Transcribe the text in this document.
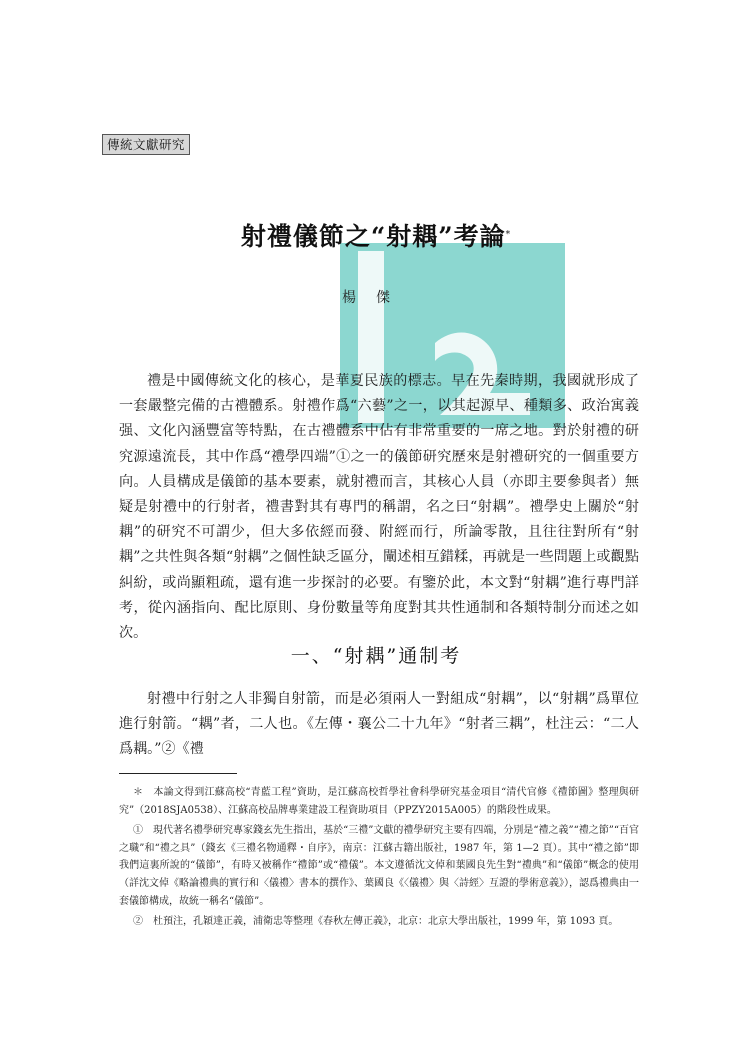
傳統文獻研究
射禮儀節之“射耦”考論*
楊傑

禮是中國傳統文化的核心，是華夏民族的標志。早在先秦時期，我國就形成了一套嚴整完備的古禮體系。射禮作爲“六藝”之一，以其起源早、種類多、政治寓義强、文化內涵豐富等特點，在古禮體系中佔有非常重要的一席之地。對於射禮的研究源遠流長，其中作爲“禮學四端”①之一的儀節研究歷來是射禮研究的一個重要方向。人員構成是儀節的基本要素，就射禮而言，其核心人員（亦即主要參與者）無疑是射禮中的行射者，禮書對其有專門的稱謂，名之曰“射耦”。禮學史上關於“射耦”的研究不可謂少，但大多依經而發、附經而行，所論零散，且往往對所有“射耦”之共性與各類“射耦”之個性缺乏區分，闡述相互錯糅，再就是一些問題上或觀點糾紛，或尚顯粗疏，還有進一步探討的必要。有鑒於此，本文對“射耦”進行專門詳考，從內涵指向、配比原則、身份數量等角度對其共性通制和各類特制分而述之如次。

一、“射耦”通制考

射禮中行射之人非獨自射箭，而是必須兩人一對組成“射耦”，以“射耦”爲單位進行射箭。“耦”者，二人也。《左傳・襄公二十九年》“射者三耦”，杜注云：“二人爲耦。”②《禮

＊　本論文得到江蘇高校“青藍工程”資助，是江蘇高校哲學社會科學研究基金項目“清代官修《禮節圖》整理與研究”（2018SJA0538）、江蘇高校品牌專業建設工程資助項目（PPZY2015A005）的階段性成果。

①　現代著名禮學研究專家錢玄先生指出，基於“三禮”文獻的禮學研究主要有四端，分別是“禮之義”“禮之節”“百官之職”和“禮之具”（錢玄《三禮名物通釋・自序》，南京：江蘇古籍出版社，1987 年，第 1—2 頁）。其中“禮之節”即我們這裏所說的“儀節”，有時又被稱作“禮節”或“禮儀”。本文遵循沈文倬和葉國良先生對“禮典”和“儀節”概念的使用（詳沈文倬《略論禮典的實行和〈儀禮〉書本的撰作》、葉國良《〈儀禮〉與〈詩經〉互證的學術意義》），認爲禮典由一套儀節構成，故統一稱名“儀節”。

②　杜預注，孔穎達正義，浦衛忠等整理《春秋左傳正義》，北京：北京大學出版社，1999 年，第 1093 頁。
